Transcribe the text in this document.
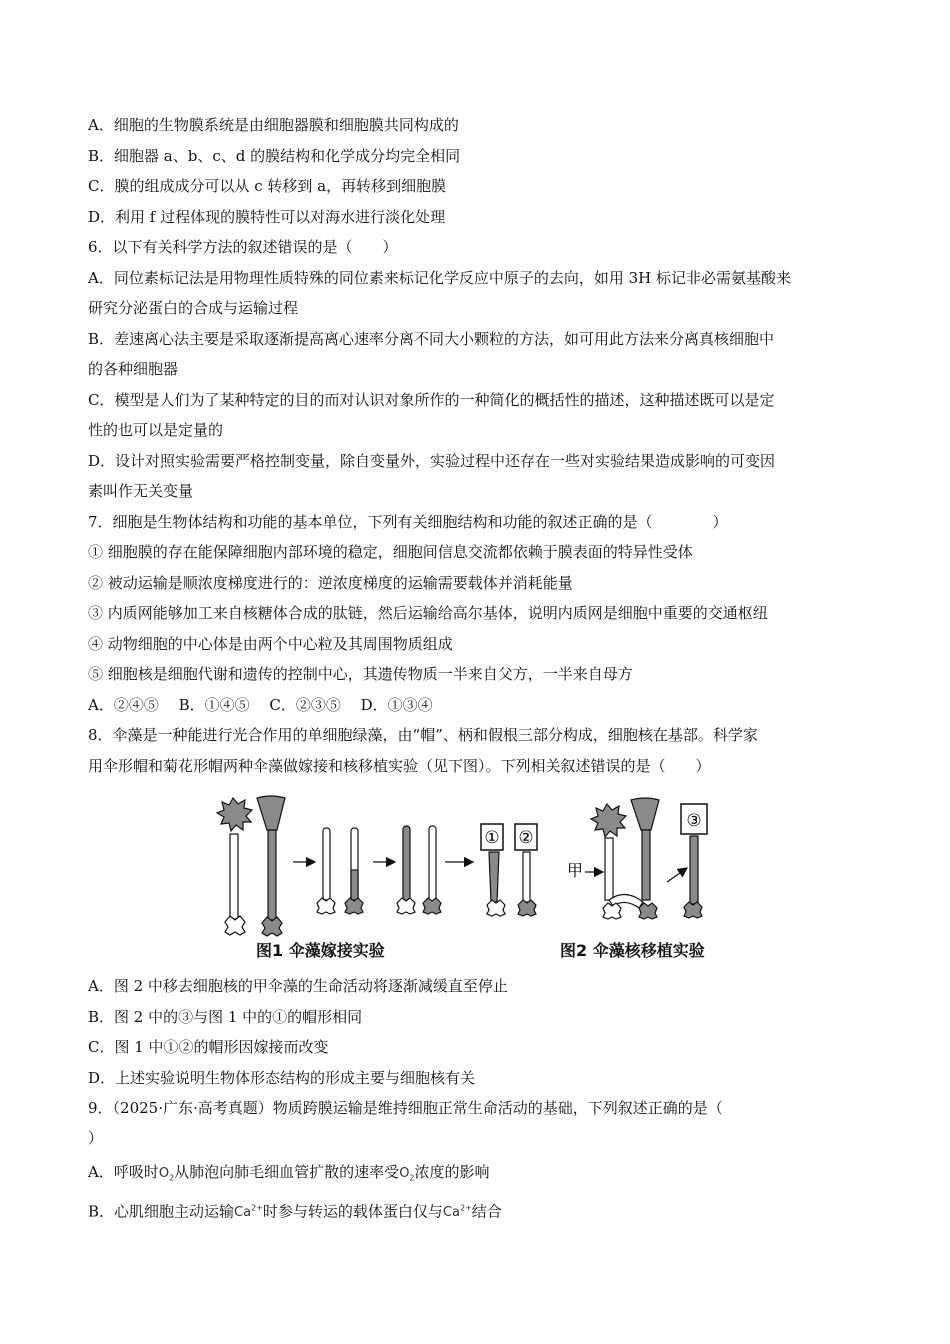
A．细胞的生物膜系统是由细胞器膜和细胞膜共同构成的
B．细胞器 a、b、c、d 的膜结构和化学成分均完全相同
C．膜的组成成分可以从 c 转移到 a，再转移到细胞膜
D．利用 f 过程体现的膜特性可以对海水进行淡化处理
6．以下有关科学方法的叙述错误的是（　　）
A．同位素标记法是用物理性质特殊的同位素来标记化学反应中原子的去向，如用 3H 标记非必需氨基酸来
研究分泌蛋白的合成与运输过程
B．差速离心法主要是采取逐渐提高离心速率分离不同大小颗粒的方法，如可用此方法来分离真核细胞中
的各种细胞器
C．模型是人们为了某种特定的目的而对认识对象所作的一种简化的概括性的描述，这种描述既可以是定
性的也可以是定量的
D．设计对照实验需要严格控制变量，除自变量外，实验过程中还存在一些对实验结果造成影响的可变因
素叫作无关变量
7．细胞是生物体结构和功能的基本单位，下列有关细胞结构和功能的叙述正确的是（　　　　）
① 细胞膜的存在能保障细胞内部环境的稳定，细胞间信息交流都依赖于膜表面的特异性受体
② 被动运输是顺浓度梯度进行的：逆浓度梯度的运输需要载体并消耗能量
③ 内质网能够加工来自核糖体合成的肽链，然后运输给高尔基体，说明内质网是细胞中重要的交通枢纽
④ 动物细胞的中心体是由两个中心粒及其周围物质组成
⑤ 细胞核是细胞代谢和遗传的控制中心，其遗传物质一半来自父方，一半来自母方
A．②④⑤　 B．①④⑤　 C．②③⑤　 D．①③④
8．伞藻是一种能进行光合作用的单细胞绿藻，由“帽”、柄和假根三部分构成，细胞核在基部。科学家
用伞形帽和菊花形帽两种伞藻做嫁接和核移植实验（见下图）。下列相关叙述错误的是（　　）
① ②
甲
③
图1 伞藻嫁接实验	图2 伞藻核移植实验
A．图 2 中移去细胞核的甲伞藻的生命活动将逐渐减缓直至停止
B．图 2 中的③与图 1 中的①的帽形相同
C．图 1 中①②的帽形因嫁接而改变
D．上述实验说明生物体形态结构的形成主要与细胞核有关
9．（2025·广东·高考真题）物质跨膜运输是维持细胞正常生命活动的基础，下列叙述正确的是（
）
A．呼吸时$O_2$从肺泡向肺毛细血管扩散的速率受$O_2$浓度的影响
B．心肌细胞主动运输$Ca^{2+}$时参与转运的载体蛋白仅与$Ca^{2+}$结合
